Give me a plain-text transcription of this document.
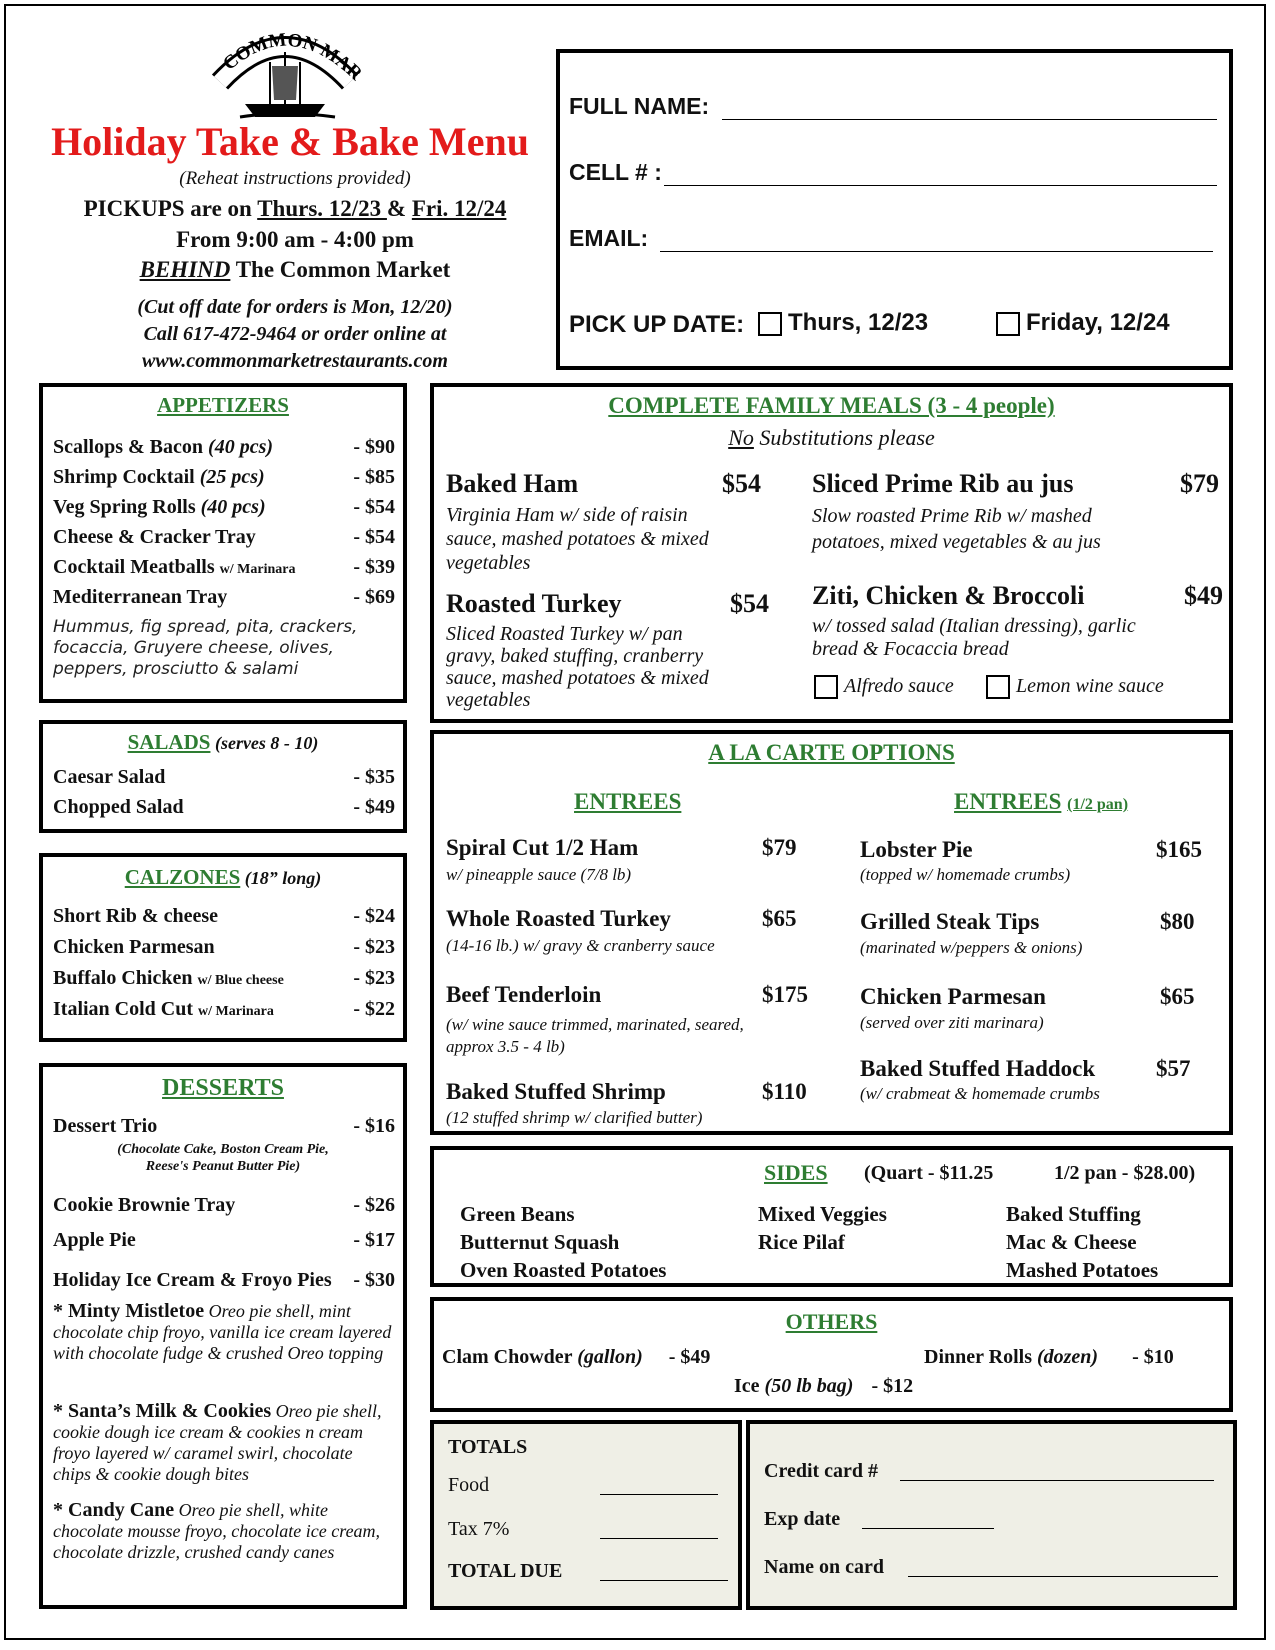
COMMON MAR
Holiday Take & Bake Menu
(Reheat instructions provided)
PICKUPS are on Thurs. 12/23 & Fri. 12/24
From 9:00 am - 4:00 pm
BEHIND The Common Market
(Cut off date for orders is Mon, 12/20)
Call 617-472-9464 or order online at
www.commonmarketrestaurants.com
FULL NAME:
CELL # :
EMAIL:
PICK UP DATE:	Thurs, 12/23	Friday, 12/24
APPETIZERS
Scallops & Bacon (40 pcs)	- $90
Shrimp Cocktail (25 pcs)	- $85
Veg Spring Rolls (40 pcs)	- $54
Cheese & Cracker Tray	- $54
Cocktail Meatballs w/ Marinara	- $39
Mediterranean Tray	- $69
Hummus, fig spread, pita, crackers, focaccia, Gruyere cheese, olives, peppers, prosciutto & salami
SALADS (serves 8 - 10)
Caesar Salad	- $35
Chopped Salad	- $49
CALZONES (18” long)
Short Rib & cheese	- $24
Chicken Parmesan	- $23
Buffalo Chicken w/ Blue cheese	- $23
Italian Cold Cut w/ Marinara	- $22
DESSERTS
Dessert Trio	- $16
(Chocolate Cake, Boston Cream Pie,
Reese's Peanut Butter Pie)
Cookie Brownie Tray	- $26
Apple Pie	- $17
Holiday Ice Cream & Froyo Pies - $30
* Minty Mistletoe Oreo pie shell, mint chocolate chip froyo, vanilla ice cream layered with chocolate fudge & crushed Oreo topping
* Santa’s Milk & Cookies Oreo pie shell, cookie dough ice cream & cookies n cream froyo layered w/ caramel swirl, chocolate chips & cookie dough bites
* Candy Cane Oreo pie shell, white chocolate mousse froyo, chocolate ice cream, chocolate drizzle, crushed candy canes
COMPLETE FAMILY MEALS (3 - 4 people)
No Substitutions please
Baked Ham	$54
Virginia Ham w/ side of raisin sauce, mashed potatoes & mixed vegetables
Roasted Turkey	$54
Sliced Roasted Turkey w/ pan gravy, baked stuffing, cranberry sauce, mashed potatoes & mixed vegetables
Sliced Prime Rib au jus	$79
Slow roasted Prime Rib w/ mashed potatoes, mixed vegetables & au jus
Ziti, Chicken & Broccoli	$49
w/ tossed salad (Italian dressing), garlic bread & Focaccia bread
Alfredo sauce	Lemon wine sauce
A LA CARTE OPTIONS
ENTREES	ENTREES (1/2 pan)
Spiral Cut 1/2 Ham	$79
w/ pineapple sauce (7/8 lb)
Whole Roasted Turkey	$65
(14-16 lb.) w/ gravy & cranberry sauce
Beef Tenderloin	$175
(w/ wine sauce trimmed, marinated, seared, approx 3.5 - 4 lb)
Baked Stuffed Shrimp	$110
(12 stuffed shrimp w/ clarified butter)
Lobster Pie	$165
(topped w/ homemade crumbs)
Grilled Steak Tips	$80
(marinated w/peppers & onions)
Chicken Parmesan	$65
(served over ziti marinara)
Baked Stuffed Haddock	$57
(w/ crabmeat & homemade crumbs
SIDES (Quart - $11.25	1/2 pan - $28.00)
Green Beans
Butternut Squash
Oven Roasted Potatoes
Mixed Veggies
Rice Pilaf
Baked Stuffing
Mac & Cheese
Mashed Potatoes
OTHERS
Clam Chowder (gallon) - $49	Dinner Rolls (dozen) - $10
Ice (50 lb bag) - $12
TOTALS
Food
Tax 7%
TOTAL DUE
Credit card #
Exp date
Name on card
